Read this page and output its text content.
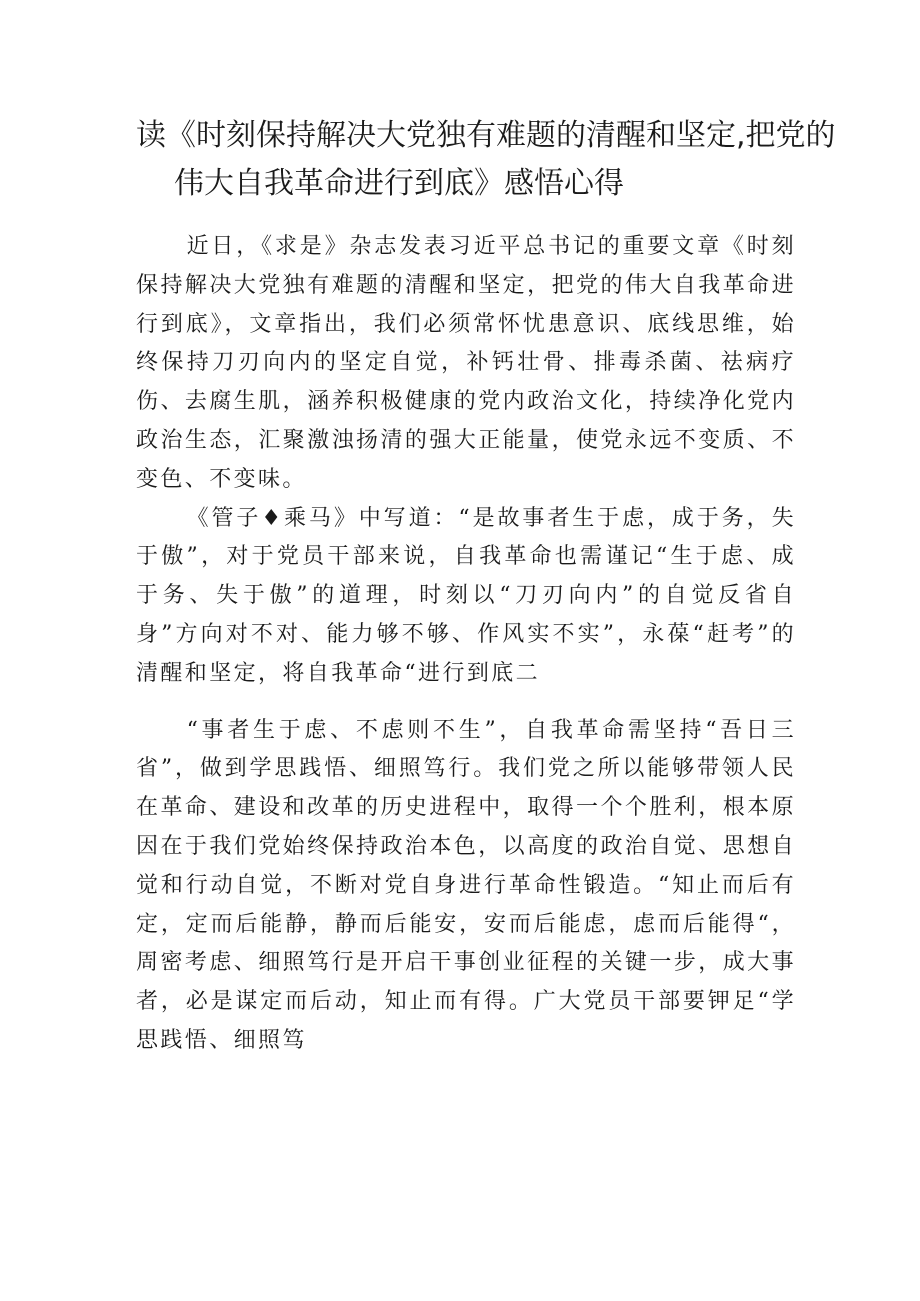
读《时刻保持解决大党独有难题的清醒和坚定,把党的
伟大自我革命进行到底》感悟心得

近日，《求是》杂志发表习近平总书记的重要文章《时刻保持解决大党独有难题的清醒和坚定，把党的伟大自我革命进行到底》，文章指出，我们必须常怀忧患意识、底线思维，始终保持刀刃向内的坚定自觉，补钙壮骨、排毒杀菌、祛病疗伤、去腐生肌，涵养积极健康的党内政治文化，持续净化党内政治生态，汇聚激浊扬清的强大正能量，使党永远不变质、不变色、不变味。

《管子♦乘马》中写道：“是故事者生于虑，成于务，失于傲”，对于党员干部来说，自我革命也需谨记“生于虑、成于务、失于傲”的道理，时刻以“刀刃向内”的自觉反省自身”方向对不对、能力够不够、作风实不实”，永葆“赶考”的清醒和坚定，将自我革命“进行到底二

“事者生于虑、不虑则不生”，自我革命需坚持“吾日三省”，做到学思践悟、细照笃行。我们党之所以能够带领人民在革命、建设和改革的历史进程中，取得一个个胜利，根本原因在于我们党始终保持政治本色，以高度的政治自觉、思想自觉和行动自觉，不断对党自身进行革命性锻造。“知止而后有定，定而后能静，静而后能安，安而后能虑，虑而后能得“，周密考虑、细照笃行是开启干事创业征程的关键一步，成大事者，必是谋定而后动，知止而有得。广大党员干部要钾足“学思践悟、细照笃
